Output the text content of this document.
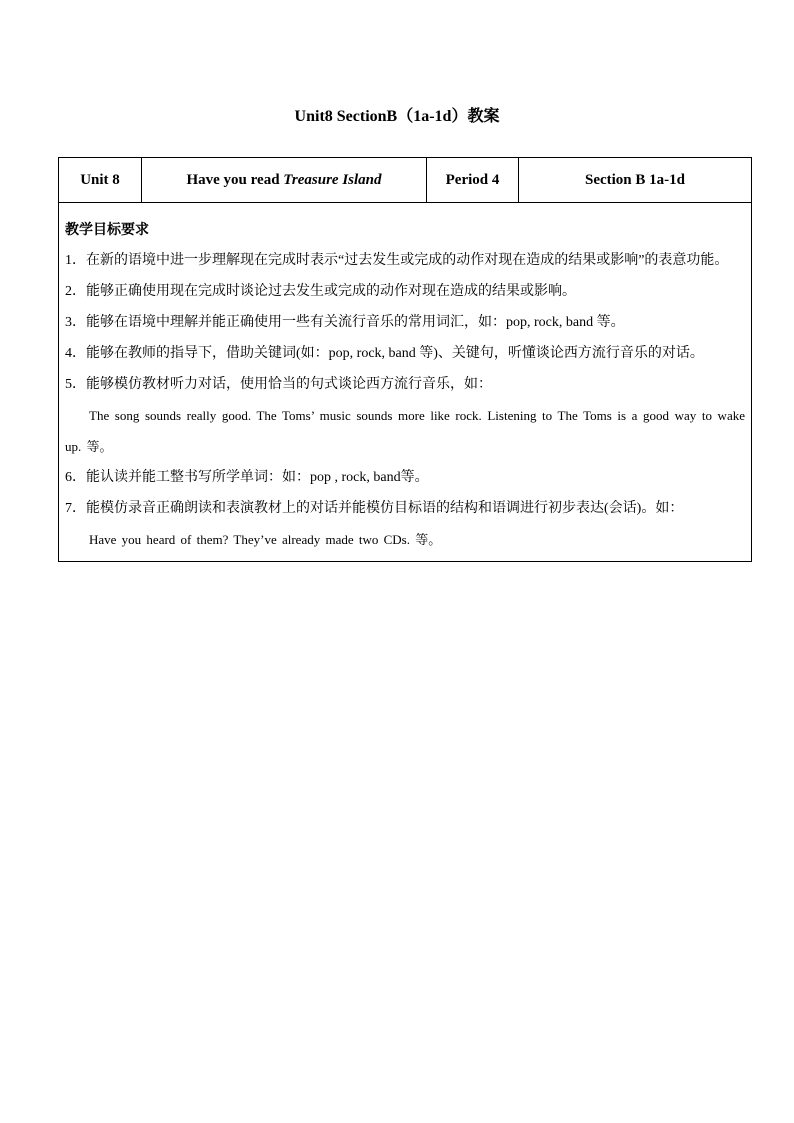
Unit8 SectionB（1a-1d）教案
Unit 8	Have you read Treasure Island	Period 4	Section B 1a-1d

教学目标要求

1．在新的语境中进一步理解现在完成时表示“过去发生或完成的动作对现在造成的结果或影响”的表意功能。

2．能够正确使用现在完成时谈论过去发生或完成的动作对现在造成的结果或影响。

3．能够在语境中理解并能正确使用一些有关流行音乐的常用词汇，如：pop, rock, band 等。

4．能够在教师的指导下，借助关键词(如：pop, rock, band 等)、关键句，听懂谈论西方流行音乐的对话。

5．能够模仿教材听力对话，使用恰当的句式谈论西方流行音乐，如：

The song sounds really good. The Toms’ music sounds more like rock. Listening to The Toms is a good way to wake up. 等。

6．能认读并能工整书写所学单词：如：pop , rock, band等。

7．能模仿录音正确朗读和表演教材上的对话并能模仿目标语的结构和语调进行初步表达(会话)。如：

Have you heard of them? They’ve already made two CDs. 等。
